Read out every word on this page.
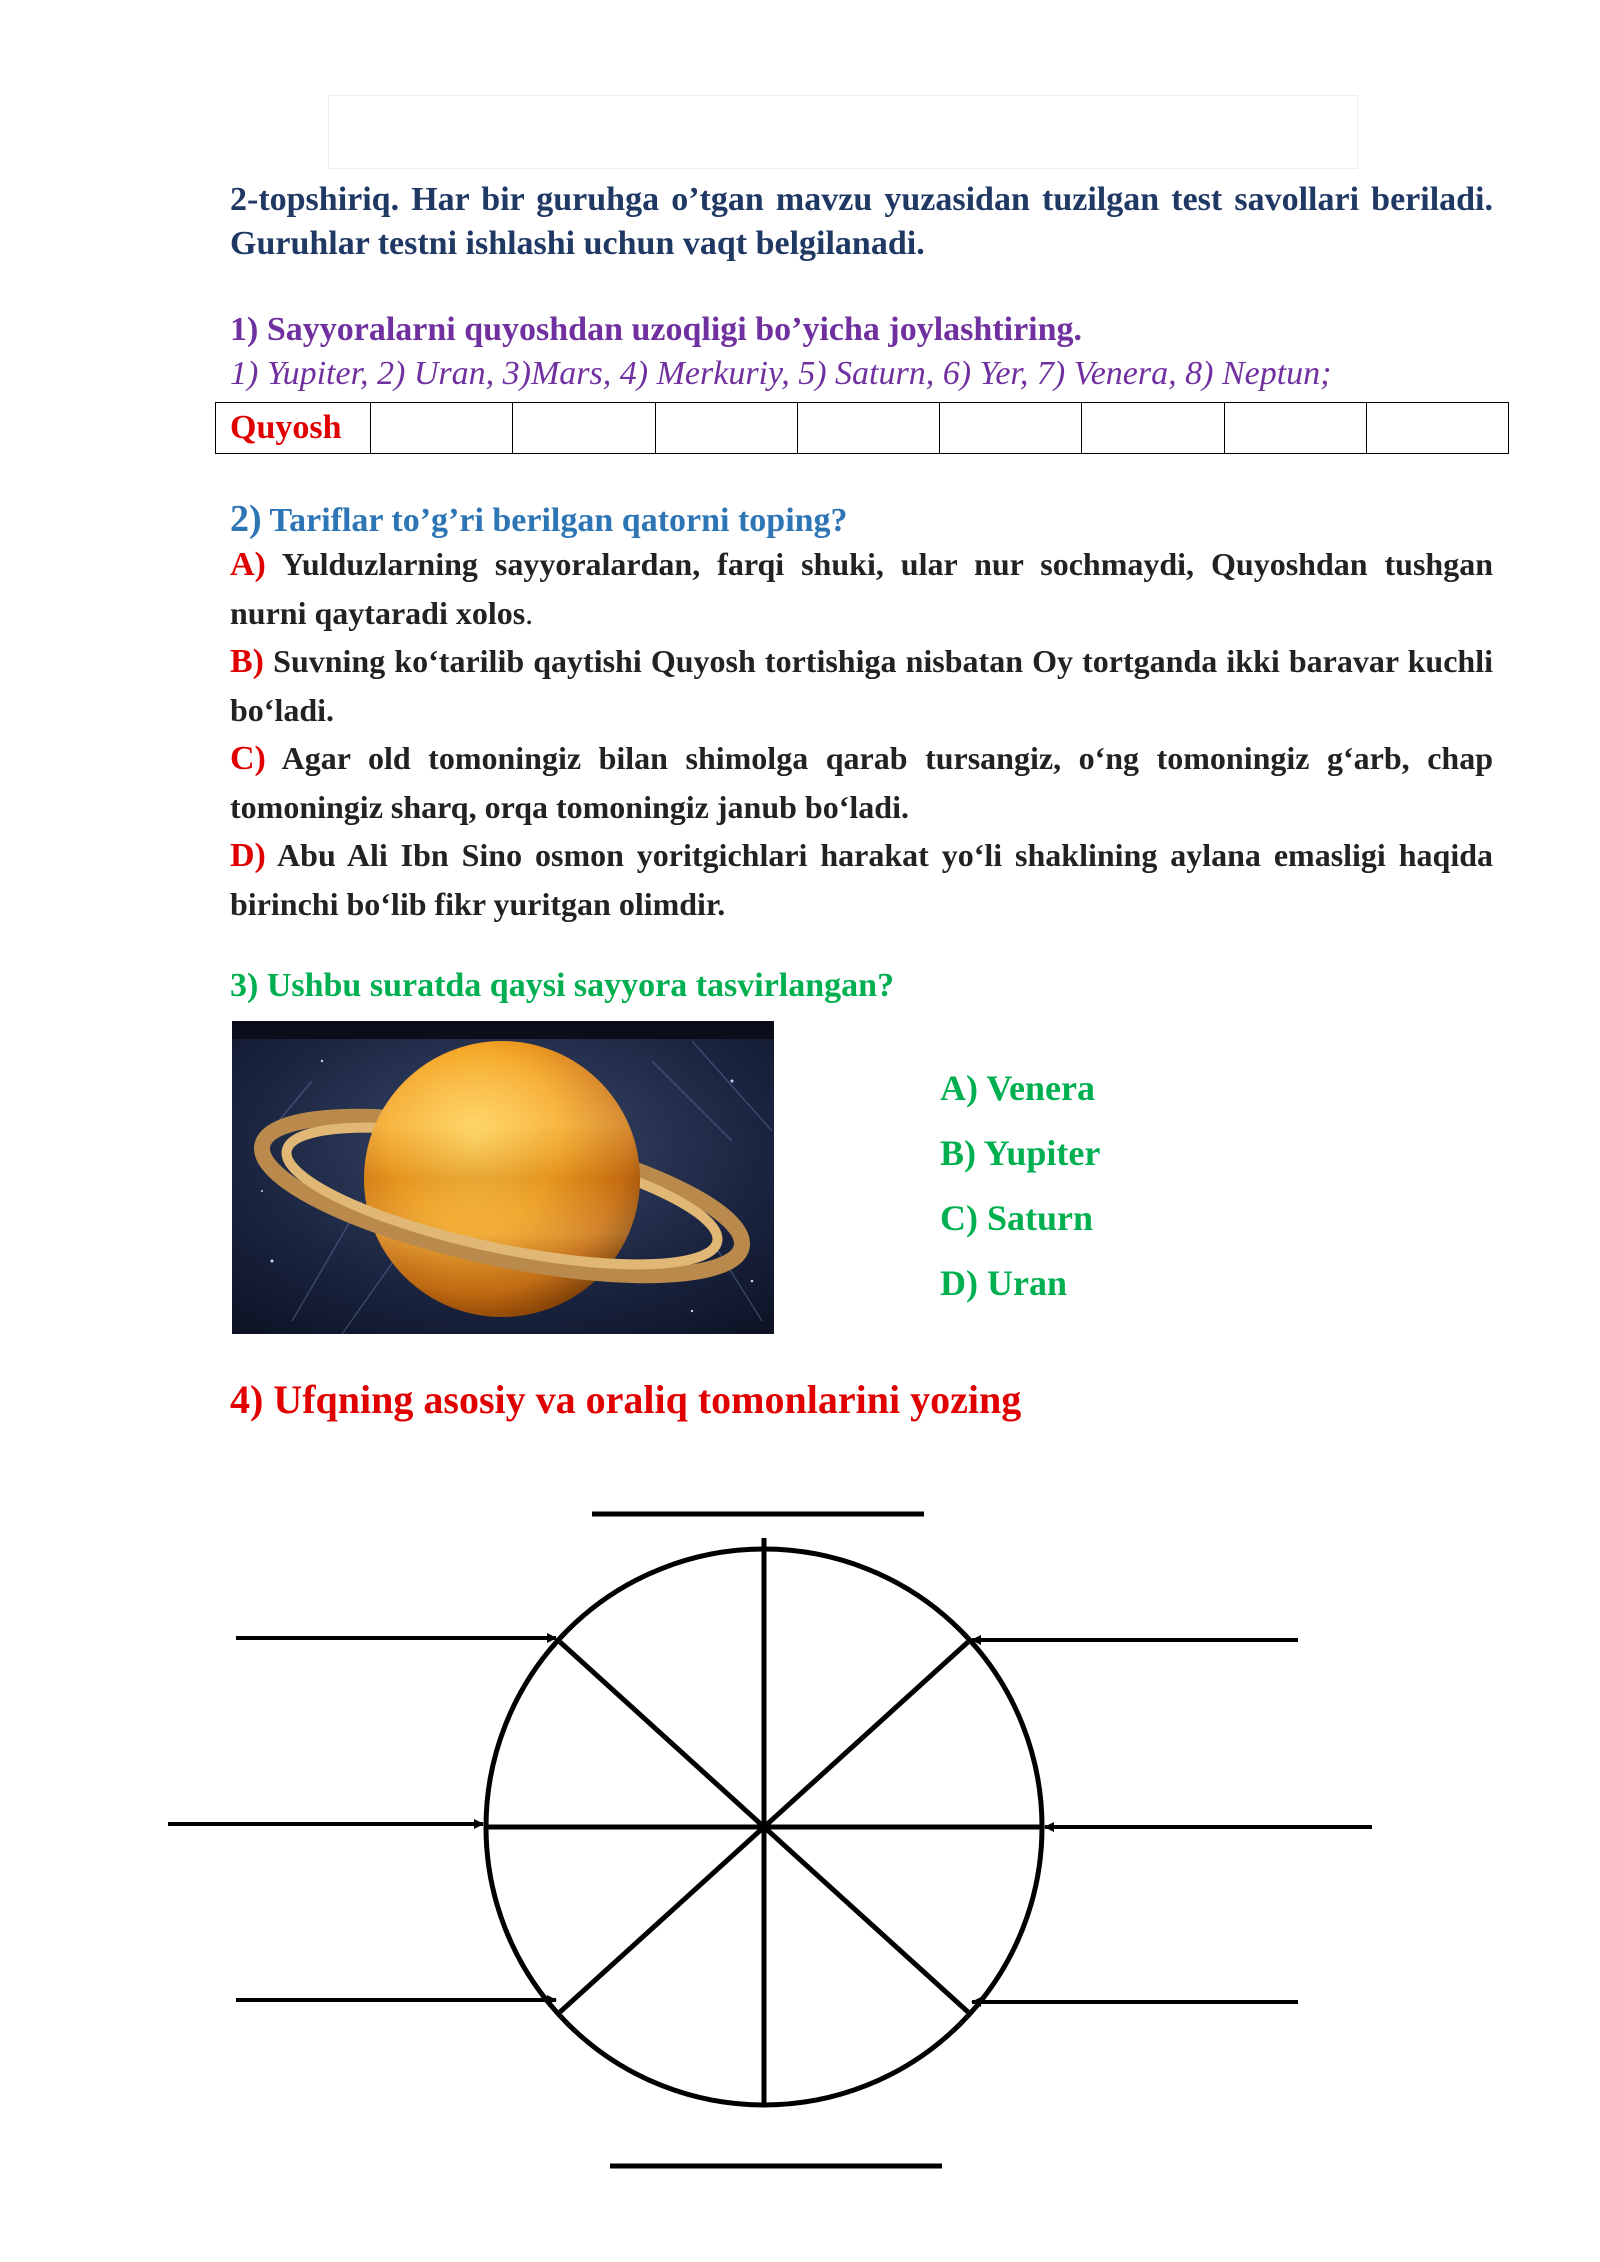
2-topshiriq. Har bir guruhga o’tgan mavzu yuzasidan tuzilgan test savollari beriladi. Guruhlar testni ishlashi uchun vaqt belgilanadi.
1) Sayyoralarni quyoshdan uzoqligi bo’yicha joylashtiring.
1) Yupiter, 2) Uran, 3)Mars, 4) Merkuriy, 5) Saturn, 6) Yer, 7) Venera, 8) Neptun;
Quyosh								
2) Tariflar to’g’ri berilgan qatorni toping?

A) Yulduzlarning sayyoralardan, farqi shuki, ular nur sochmaydi, Quyoshdan tushgan nurni qaytaradi xolos.

B) Suvning ko‘tarilib qaytishi Quyosh tortishiga nisbatan Oy tortganda ikki baravar kuchli bo‘ladi.

C) Agar old tomoningiz bilan shimolga qarab tursangiz, o‘ng tomoningiz g‘arb, chap tomoningiz sharq, orqa tomoningiz janub bo‘ladi.

D) Abu Ali Ibn Sino osmon yoritgichlari harakat yo‘li shaklining aylana emasligi haqida birinchi bo‘lib fikr yuritgan olimdir.

3) Ushbu suratda qaysi sayyora tasvirlangan?
A) Venera
B) Yupiter
C) Saturn
D) Uran
4) Ufqning asosiy va oraliq tomonlarini yozing
